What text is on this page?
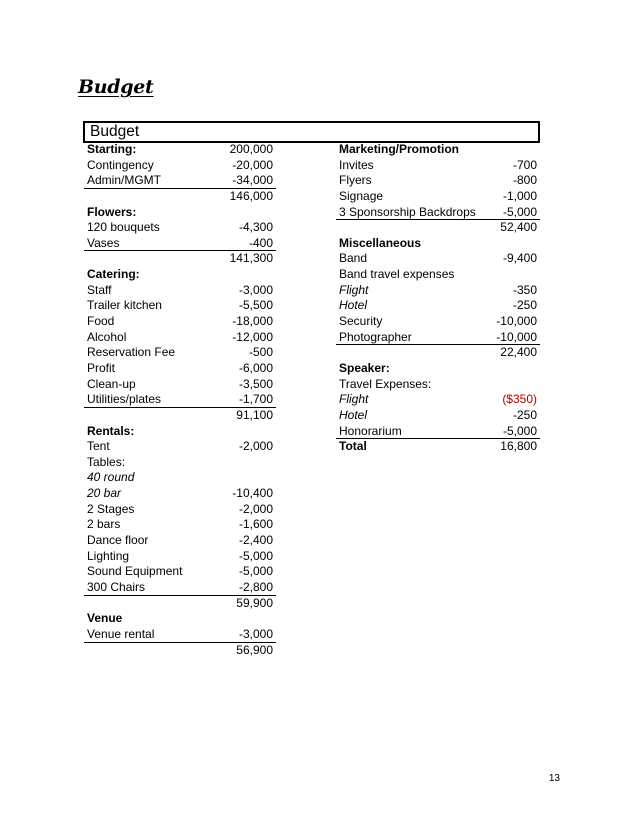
Budget
Budget
Starting:	200,000
Contingency	-20,000
Admin/MGMT	-34,000
146,000
Flowers:
120 bouquets	-4,300
Vases	-400
141,300
Catering:
Staff	-3,000
Trailer kitchen	-5,500
Food	-18,000
Alcohol	-12,000
Reservation Fee	-500
Profit	-6,000
Clean-up	-3,500
Utilities/plates	-1,700
91,100
Rentals:
Tent	-2,000
Tables:
40 round
20 bar	-10,400
2 Stages	-2,000
2 bars	-1,600
Dance floor	-2,400
Lighting	-5,000
Sound Equipment	-5,000
300 Chairs	-2,800
59,900
Venue
Venue rental	-3,000
56,900
Marketing/Promotion
Invites	-700
Flyers	-800
Signage	-1,000
3 Sponsorship Backdrops -5,000
52,400
Miscellaneous
Band	-9,400
Band travel expenses
Flight	-350
Hotel	-250
Security	-10,000
Photographer	-10,000
22,400
Speaker:
Travel Expenses:
Flight	($350)
Hotel	-250
Honorarium	-5,000
Total	16,800
13
